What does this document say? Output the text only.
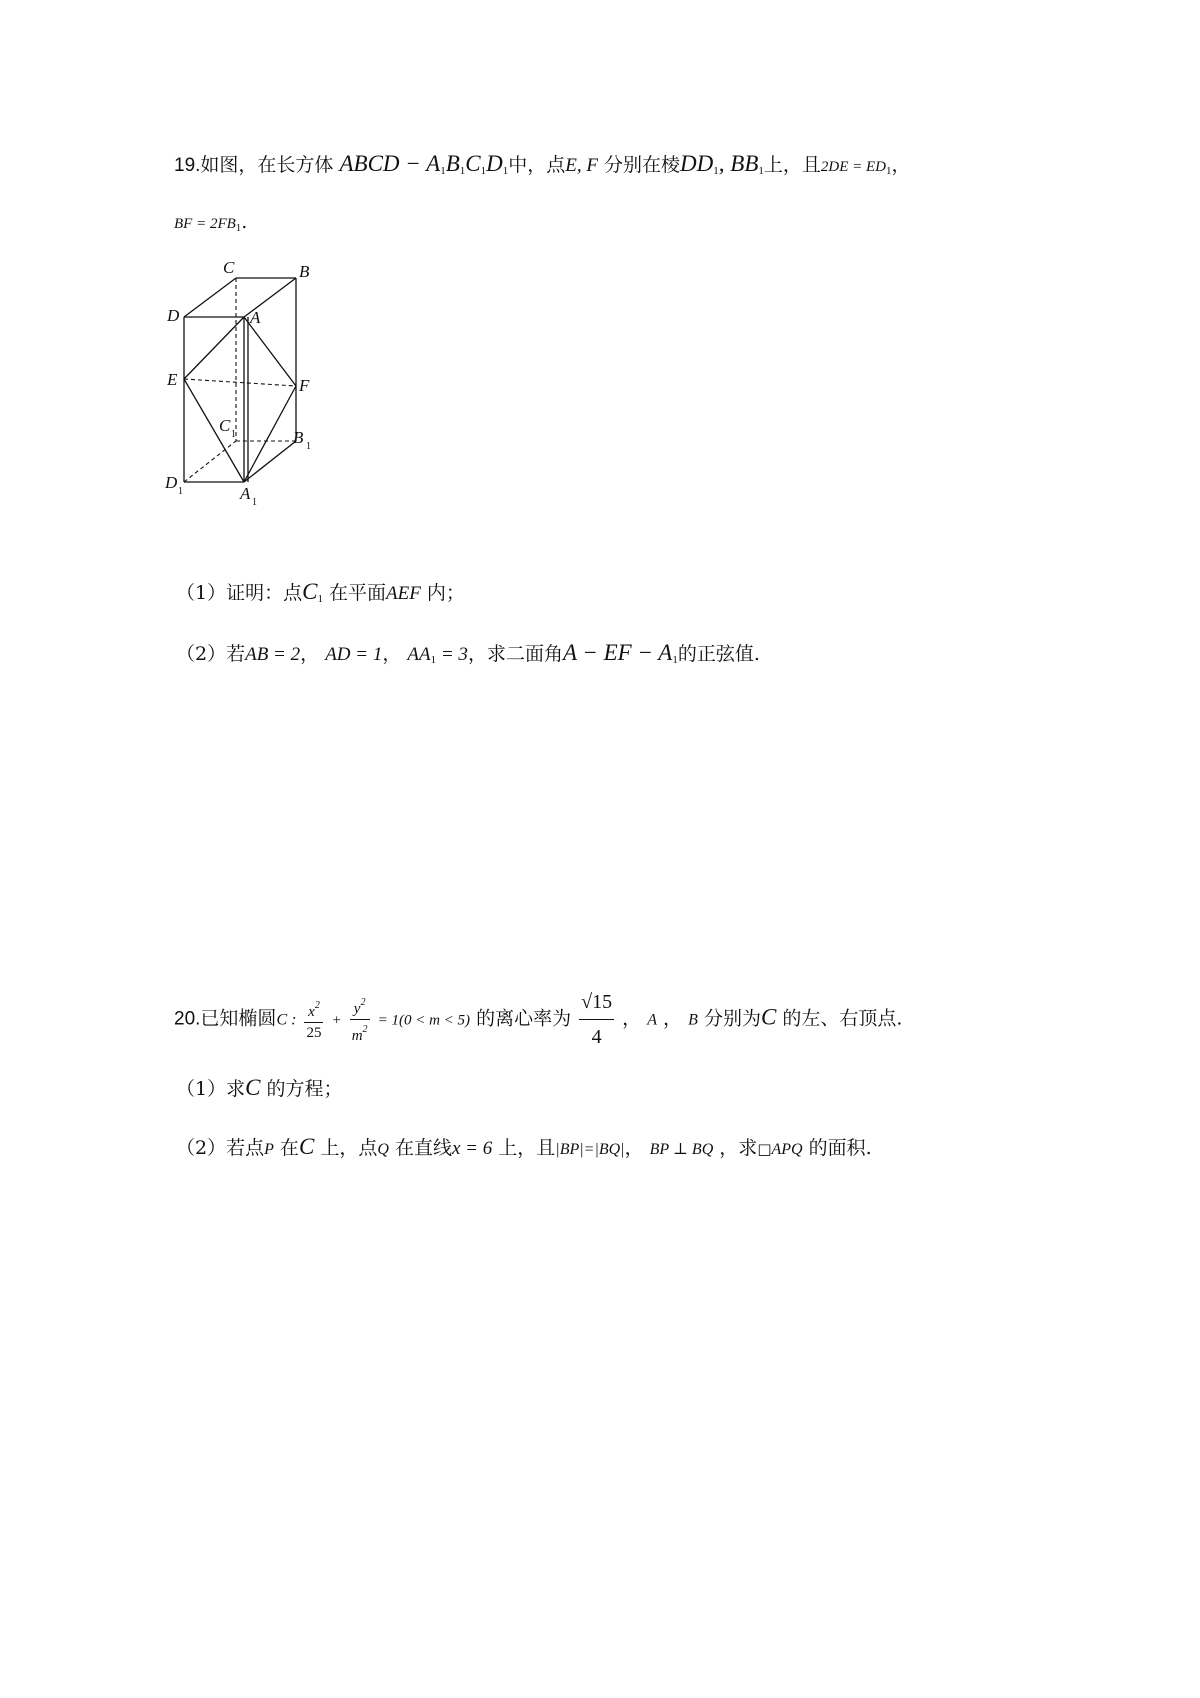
19.如图，在长方体 ABCD − $A_1B_1C_1D_1$中，点E, F 分别在棱$DD_1$, $BB_1$上，且$2DE = ED_1$，
BF = $2FB_1$.
C	B
D	A
E	F
C 1	B 1
D 1	A 1
（1）证明：点$C_1$ 在平面AEF 内；
（2）若AB = 2， AD = 1， $AA_1 = 3$，求二面角A − EF − $A_1$的正弦值.
20.已知椭圆C : $\frac{x^2}{25} + \frac{y^2}{m^2} = 1(0 < m < 5)$ 的离心率为 $\frac{√15}{4}$ ， A ， B 分别为C 的左、右顶点.
（1）求C 的方程；
（2）若点P 在C 上，点Q 在直线x = 6 上，且|BP|=|BQ|， BP ⊥ BQ ，求□APQ 的面积.
